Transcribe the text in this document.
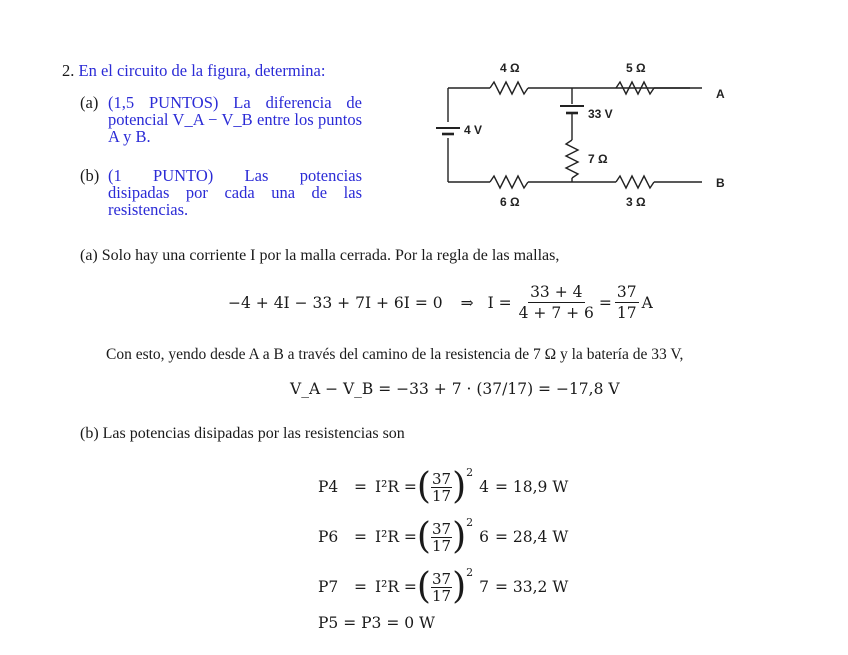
2. En el circuito de la figura, determina:
(a) (1,5 PUNTOS) La diferencia de
potencial V_A − V_B entre los puntos
A y B.
(b) (1 PUNTO) Las potencias
disipadas por cada una de las
resistencias.
4 Ω	5 Ω
6 Ω	3 Ω
7 Ω
4 V
33 V
A
B
(a) Solo hay una corriente I por la malla cerrada. Por la regla de las mallas,
−4 + 4I − 33 + 7I + 6I = 0 ⇒ $I = \frac{33 + 4}{4 + 7 + 6} = \frac{37}{17}$ A
Con esto, yendo desde A a B a través del camino de la resistencia de 7 Ω y la batería de 33 V,
V_A − V_B = −33 + 7 · (37/17) = −17,8 V
(b) Las potencias disipadas por las resistencias son
P4	= I²R = ( 37
17 )$^2$
4 = 18,9 W
P6	= I²R = ( 37
17 )$^2$
6 = 28,4 W
P7	= I²R = ( 37
17 )$^2$
7 = 33,2 W
P5 = P3 = 0 W
